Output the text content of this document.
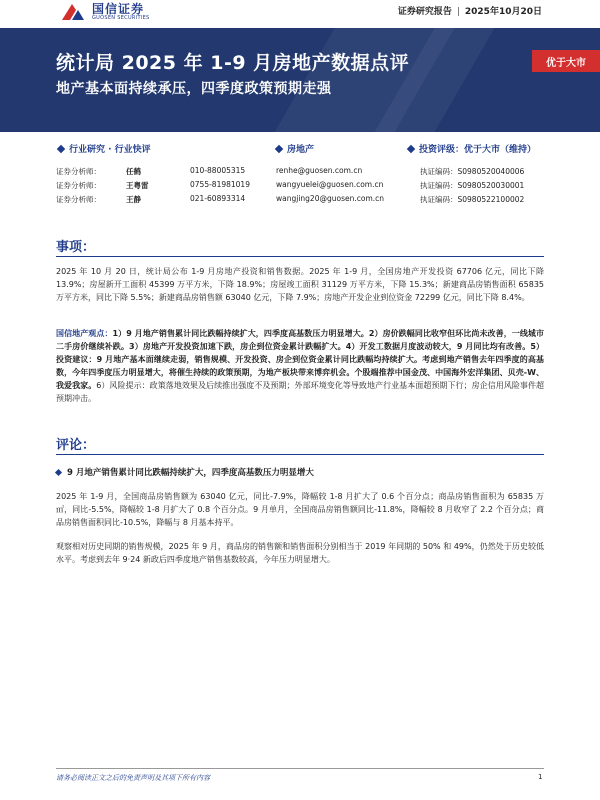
国信证券
GUOSEN SECURITIES
证券研究报告 | 2025年10月20日
统计局 2025 年 1-9 月房地产数据点评
地产基本面持续承压，四季度政策预期走强
优于大市
行业研究 · 行业快评	房地产	投资评级：优于大市（维持）
证券分析师：	任鹤	010-88005315	renhe@guosen.com.cn	执证编码：S0980520040006
证券分析师：	王粤雷	0755-81981019	wangyuelei@guosen.com.cn	执证编码：S0980520030001
证券分析师：	王静	021-60893314	wangjing20@guosen.com.cn	执证编码：S0980522100002
事项：
2025 年 10 月 20 日，统计局公布 1-9 月房地产投资和销售数据。2025 年 1-9 月，全国房地产开发投资 67706 亿元，同比下降 13.9%；房屋新开工面积 45399 万平方米，下降 18.9%；房屋竣工面积 31129 万平方米，下降 15.3%；新建商品房销售面积 65835 万平方米，同比下降 5.5%；新建商品房销售额 63040 亿元，下降 7.9%；房地产开发企业到位资金 72299 亿元，同比下降 8.4%。
国信地产观点：1）9 月地产销售累计同比跌幅持续扩大，四季度高基数压力明显增大。2）房价跌幅同比收窄但环比尚未改善，一线城市二手房价继续补跌。3）房地产开发投资加速下跌，房企到位资金累计跌幅扩大。4）开发工数据月度波动较大，9 月同比均有改善。5）投资建议：9 月地产基本面继续走弱，销售规模、开发投资、房企到位资金累计同比跌幅均持续扩大。考虑到地产销售去年四季度的高基数，今年四季度压力明显增大，将催生持续的政策预期，为地产板块带来博弈机会。个股端推荐中国金茂、中国海外宏洋集团、贝壳-W、我爱我家。6）风险提示：政策落地效果及后续推出强度不及预期；外部环境变化等导致地产行业基本面超预期下行；房企信用风险事件超预期冲击。
评论：
9 月地产销售累计同比跌幅持续扩大，四季度高基数压力明显增大
2025 年 1-9 月，全国商品房销售额为 63040 亿元，同比-7.9%，降幅较 1-8 月扩大了 0.6 个百分点；商品房销售面积为 65835 万㎡，同比-5.5%，降幅较 1-8 月扩大了 0.8 个百分点。9 月单月，全国商品房销售额同比-11.8%，降幅较 8 月收窄了 2.2 个百分点；商品房销售面积同比-10.5%，降幅与 8 月基本持平。
观察相对历史同期的销售规模，2025 年 9 月，商品房的销售额和销售面积分别相当于 2019 年同期的 50% 和 49%，仍然处于历史较低水平。考虑到去年 9·24 新政后四季度地产销售基数较高，今年压力明显增大。
请务必阅读正文之后的免责声明及其项下所有内容	1
